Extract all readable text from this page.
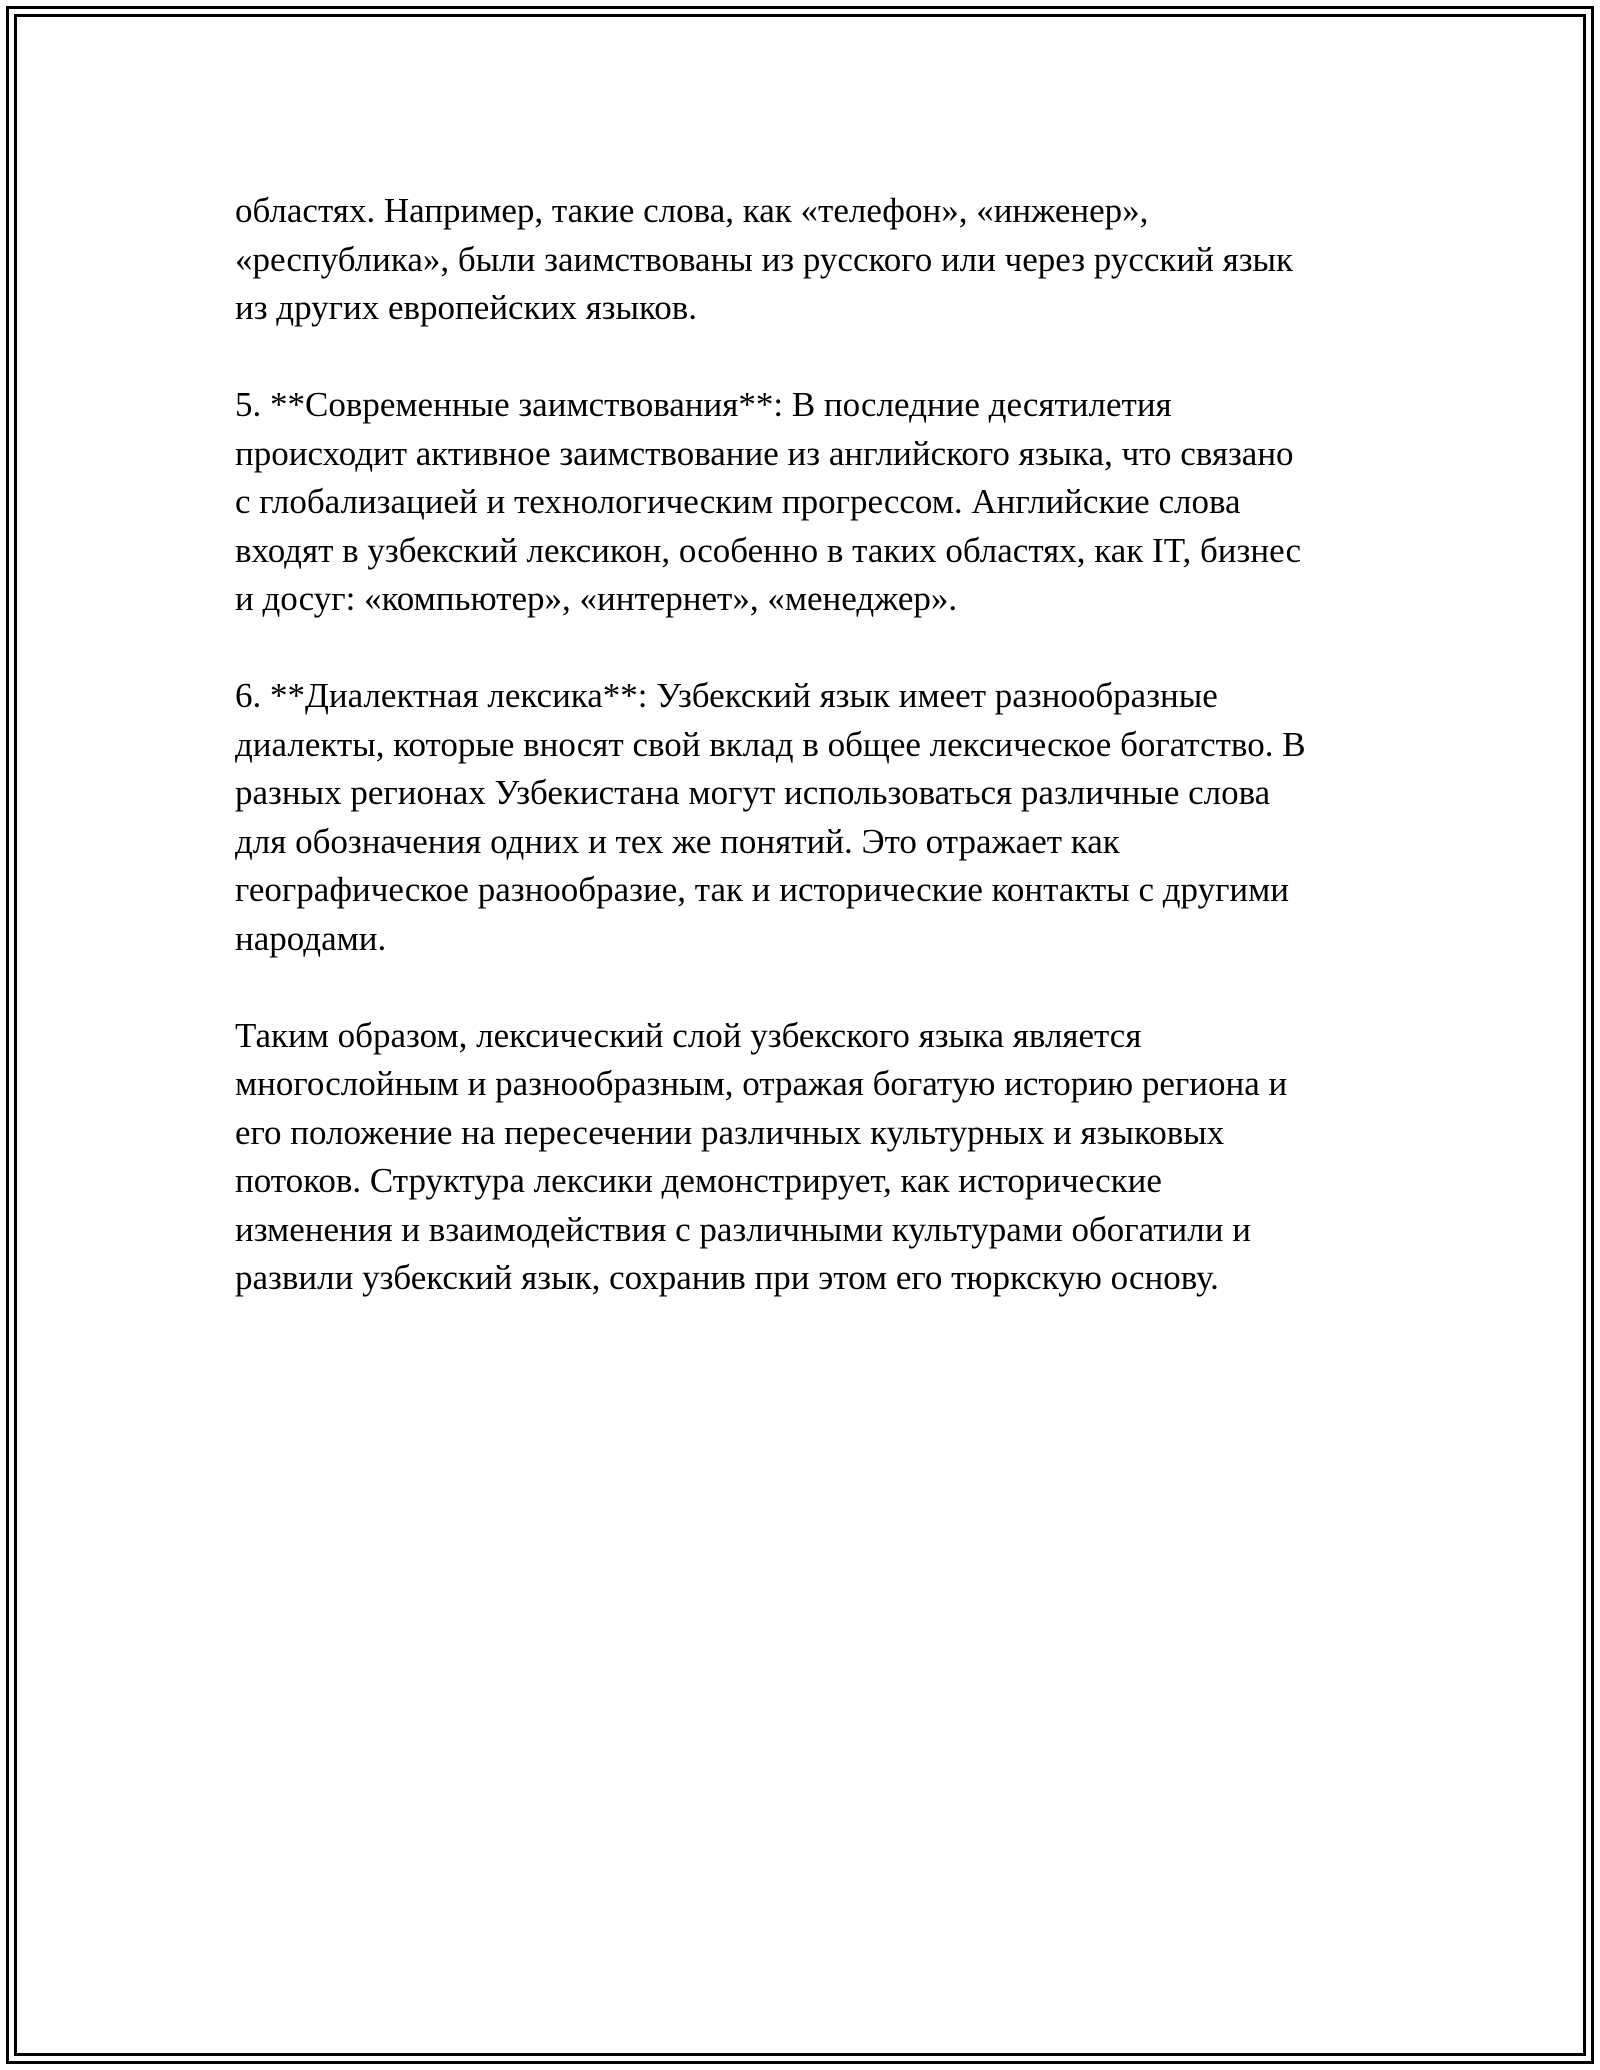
областях. Например, такие слова, как «телефон», «инженер»,
«республика», были заимствованы из русского или через русский язык
из других европейских языков.

5. **Современные заимствования**: В последние десятилетия
происходит активное заимствование из английского языка, что связано
с глобализацией и технологическим прогрессом. Английские слова
входят в узбекский лексикон, особенно в таких областях, как IT, бизнес
и досуг: «компьютер», «интернет», «менеджер».

6. **Диалектная лексика**: Узбекский язык имеет разнообразные
диалекты, которые вносят свой вклад в общее лексическое богатство. В
разных регионах Узбекистана могут использоваться различные слова
для обозначения одних и тех же понятий. Это отражает как
географическое разнообразие, так и исторические контакты с другими
народами.

Таким образом, лексический слой узбекского языка является
многослойным и разнообразным, отражая богатую историю региона и
его положение на пересечении различных культурных и языковых
потоков. Структура лексики демонстрирует, как исторические
изменения и взаимодействия с различными культурами обогатили и
развили узбекский язык, сохранив при этом его тюркскую основу.
